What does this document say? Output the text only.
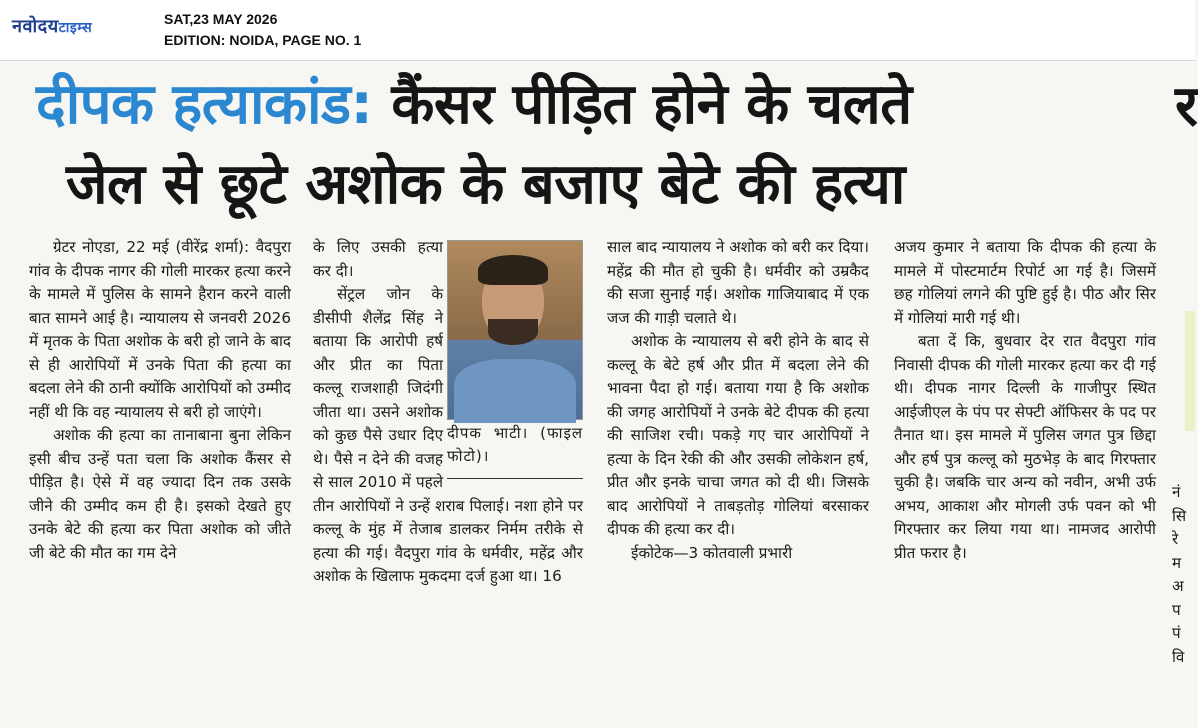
नवोदयटाइम्स
SAT,23 MAY 2026
EDITION: NOIDA, PAGE NO. 1
दीपक हत्याकांड: कैंसर पीड़ित होने के चलते
जेल से छूटे अशोक के बजाए बेटे की हत्या
र

ग्रेटर नोएडा, 22 मई (वीरेंद्र शर्मा): वैदपुरा गांव के दीपक नागर की गोली मारकर हत्या करने के मामले में पुलिस के सामने हैरान करने वाली बात सामने आई है। न्यायालय से जनवरी 2026 में मृतक के पिता अशोक के बरी हो जाने के बाद से ही आरोपियों में उनके पिता की हत्या का बदला लेने की ठानी क्योंकि आरोपियों को उम्मीद नहीं थी कि वह न्यायालय से बरी हो जाएंगे।

अशोक की हत्या का तानाबाना बुना लेकिन इसी बीच उन्हें पता चला कि अशोक कैंसर से पीड़ित है। ऐसे में वह ज्यादा दिन तक उसके जीने की उम्मीद कम ही है। इसको देखते हुए उनके बेटे की हत्या कर पिता अशोक को जीते जी बेटे की मौत का गम देने

दीपक भाटी। (फाइल फोटो)।

के लिए उसकी हत्या कर दी।

सेंट्रल जोन के डीसीपी शैलेंद्र सिंह ने बताया कि आरोपी हर्ष और प्रीत का पिता कल्लू राजशाही जिदंगी जीता था। उसने अशोक को कुछ पैसे उधार दिए थे। पैसे न देने की वजह से साल 2010 में पहले तीन आरोपियों ने उन्हें शराब पिलाई। नशा होने पर कल्लू के मुंह में तेजाब डालकर निर्मम तरीके से हत्या की गई। वैदपुरा गांव के धर्मवीर, महेंद्र और अशोक के खिलाफ मुकदमा दर्ज हुआ था। 16

साल बाद न्यायालय ने अशोक को बरी कर दिया। महेंद्र की मौत हो चुकी है। धर्मवीर को उम्रकैद की सजा सुनाई गई। अशोक गाजियाबाद में एक जज की गाड़ी चलाते थे।

अशोक के न्यायालय से बरी होने के बाद से कल्लू के बेटे हर्ष और प्रीत में बदला लेने की भावना पैदा हो गई। बताया गया है कि अशोक की जगह आरोपियों ने उनके बेटे दीपक की हत्या की साजिश रची। पकड़े गए चार आरोपियों ने हत्या के दिन रेकी की और उसकी लोकेशन हर्ष, प्रीत और इनके चाचा जगत को दी थी। जिसके बाद आरोपियों ने ताबड़तोड़ गोलियां बरसाकर दीपक की हत्या कर दी।

ईकोटेक—3 कोतवाली प्रभारी

अजय कुमार ने बताया कि दीपक की हत्या के मामले में पोस्टमार्टम रिपोर्ट आ गई है। जिसमें छह गोलियां लगने की पुष्टि हुई है। पीठ और सिर में गोलियां मारी गई थी।

बता दें कि, बुधवार देर रात वैदपुरा गांव निवासी दीपक की गोली मारकर हत्या कर दी गई थी। दीपक नागर दिल्ली के गाजीपुर स्थित आईजीएल के पंप पर सेफ्टी ऑफिसर के पद पर तैनात था। इस मामले में पुलिस जगत पुत्र छिद्दा और हर्ष पुत्र कल्लू को मुठभेड़ के बाद गिरफ्तार चुकी है। जबकि चार अन्य को नवीन, अभी उर्फ अभय, आकाश और मोगली उर्फ पवन को भी गिरफ्तार कर लिया गया था। नामजद आरोपी प्रीत फरार है।

नं
सि
रे
म
अ
प
पं
वि
